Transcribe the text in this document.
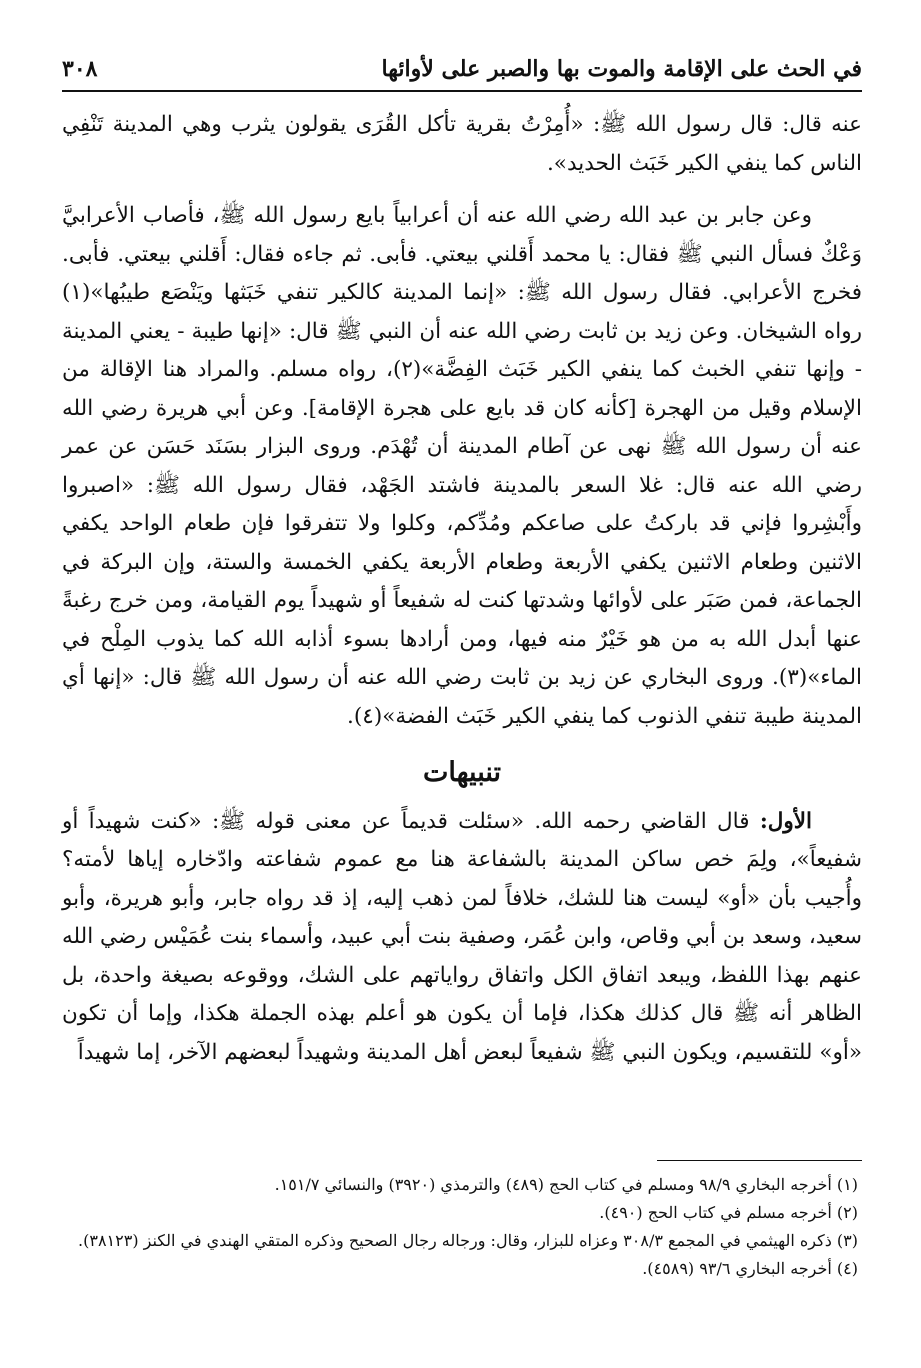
في الحث على الإقامة والموت بها والصبر على لأوائها
٣٠٨

عنه قال: قال رسول الله ﷺ: «أُمِرْتُ بقرية تأكل القُرَى يقولون يثرب وهي المدينة تَنْفِي الناس كما ينفي الكير خَبَث الحديد».

وعن جابر بن عبد الله رضي الله عنه أن أعرابياً بايع رسول الله ﷺ، فأصاب الأعرابيَّ وَعْكٌ فسأل النبي ﷺ فقال: يا محمد أَقلني بيعتي. فأبى. ثم جاءه فقال: أَقلني بيعتي. فأبى. فخرج الأعرابي. فقال رسول الله ﷺ: «إنما المدينة كالكير تنفي خَبَثها ويَنْصَع طيبُها»(١) رواه الشيخان. وعن زيد بن ثابت رضي الله عنه أن النبي ﷺ قال: «إنها طيبة - يعني المدينة - وإنها تنفي الخبث كما ينفي الكير خَبَث الفِضَّة»(٢)، رواه مسلم. والمراد هنا الإقالة من الإسلام وقيل من الهجرة [كأنه كان قد بايع على هجرة الإقامة]. وعن أبي هريرة رضي الله عنه أن رسول الله ﷺ نهى عن آطام المدينة أن تُهْدَم. وروى البزار بسَنَد حَسَن عن عمر رضي الله عنه قال: غلا السعر بالمدينة فاشتد الجَهْد، فقال رسول الله ﷺ: «اصبروا وأَبْشِروا فإني قد باركتُ على صاعكم ومُدِّكم، وكلوا ولا تتفرقوا فإن طعام الواحد يكفي الاثنين وطعام الاثنين يكفي الأربعة وطعام الأربعة يكفي الخمسة والستة، وإن البركة في الجماعة، فمن صَبَر على لأوائها وشدتها كنت له شفيعاً أو شهيداً يوم القيامة، ومن خرج رغبةً عنها أبدل الله به من هو خَيْرٌ منه فيها، ومن أرادها بسوء أذابه الله كما يذوب المِلْح في الماء»(٣). وروى البخاري عن زيد بن ثابت رضي الله عنه أن رسول الله ﷺ قال: «إنها أي المدينة طيبة تنفي الذنوب كما ينفي الكير خَبَث الفضة»(٤).

تنبيهات

الأول: قال القاضي رحمه الله. «سئلت قديماً عن معنى قوله ﷺ: «كنت شهيداً أو شفيعاً»، ولِمَ خص ساكن المدينة بالشفاعة هنا مع عموم شفاعته وادّخاره إياها لأمته؟ وأُجيب بأن «أو» ليست هنا للشك، خلافاً لمن ذهب إليه، إذ قد رواه جابر، وأبو هريرة، وأبو سعيد، وسعد بن أبي وقاص، وابن عُمَر، وصفية بنت أبي عبيد، وأسماء بنت عُمَيْس رضي الله عنهم بهذا اللفظ، ويبعد اتفاق الكل واتفاق رواياتهم على الشك، ووقوعه بصيغة واحدة، بل الظاهر أنه ﷺ قال كذلك هكذا، فإما أن يكون هو أعلم بهذه الجملة هكذا، وإما أن تكون «أو» للتقسيم، ويكون النبي ﷺ شفيعاً لبعض أهل المدينة وشهيداً لبعضهم الآخر، إما شهيداً

(١) أخرجه البخاري ٩٨/٩ ومسلم في كتاب الحج (٤٨٩) والترمذي (٣٩٢٠) والنسائي ١٥١/٧.

(٢) أخرجه مسلم في كتاب الحج (٤٩٠).

(٣) ذكره الهيثمي في المجمع ٣٠٨/٣ وعزاه للبزار، وقال: ورجاله رجال الصحيح وذكره المتقي الهندي في الكنز (٣٨١٢٣).

(٤) أخرجه البخاري ٩٣/٦ (٤٥٨٩).
